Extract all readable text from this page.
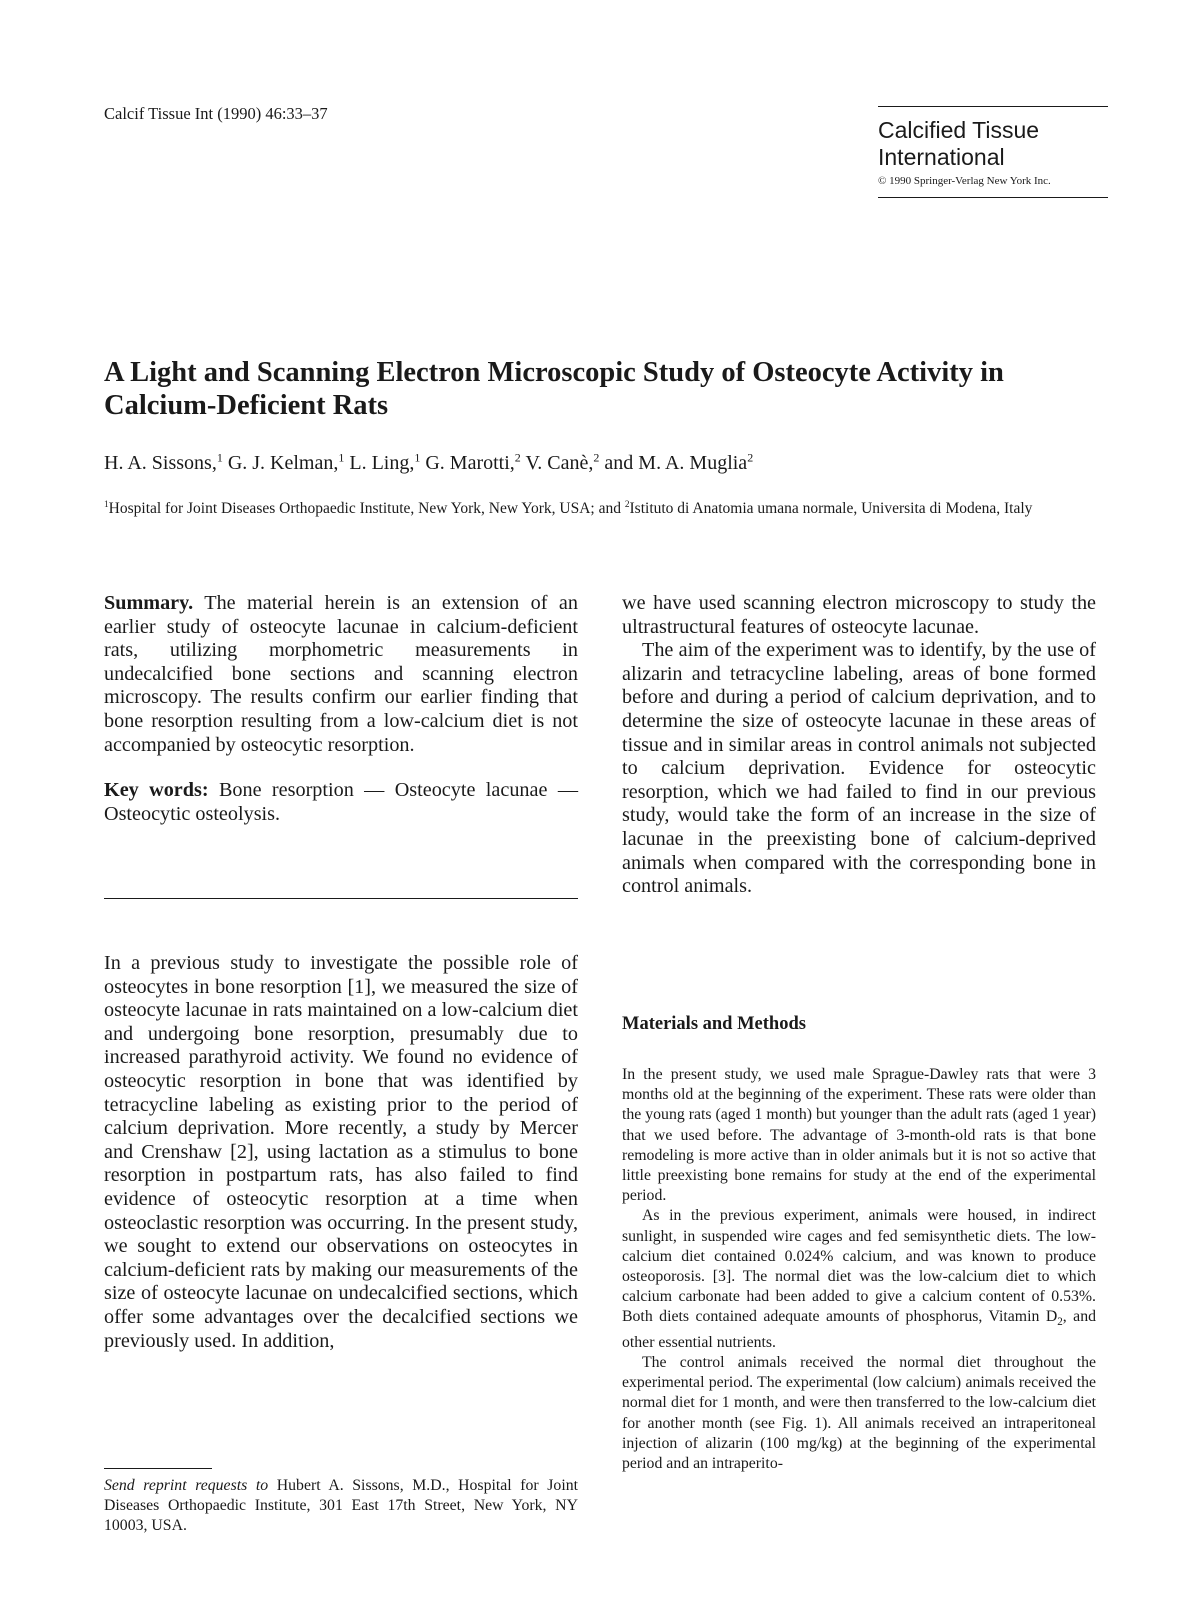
Calcif Tissue Int (1990) 46:33–37
Calcified Tissue
International
© 1990 Springer-Verlag New York Inc.
A Light and Scanning Electron Microscopic Study of Osteocyte Activity in Calcium-Deficient Rats
H. A. Sissons,$^1$ G. J. Kelman,$^1$ L. Ling,$^1$ G. Marotti,$^2$ V. Canè,$^2$ and M. A. Muglia$^2$
$^1$Hospital for Joint Diseases Orthopaedic Institute, New York, New York, USA; and $^2$Istituto di Anatomia umana normale, Universita di Modena, Italy

Summary. The material herein is an extension of an earlier study of osteocyte lacunae in calcium-deficient rats, utilizing morphometric measurements in undecalcified bone sections and scanning electron microscopy. The results confirm our earlier finding that bone resorption resulting from a low-calcium diet is not accompanied by osteocytic resorption.

Key words: Bone resorption — Osteocyte lacunae — Osteocytic osteolysis.

In a previous study to investigate the possible role of osteocytes in bone resorption [1], we measured the size of osteocyte lacunae in rats maintained on a low-calcium diet and undergoing bone resorption, presumably due to increased parathyroid activity. We found no evidence of osteocytic resorption in bone that was identified by tetracycline labeling as existing prior to the period of calcium deprivation. More recently, a study by Mercer and Crenshaw [2], using lactation as a stimulus to bone resorption in postpartum rats, has also failed to find evidence of osteocytic resorption at a time when osteoclastic resorption was occurring. In the present study, we sought to extend our observations on osteocytes in calcium-deficient rats by making our measurements of the size of osteocyte lacunae on undecalcified sections, which offer some advantages over the decalcified sections we previously used. In addition,

Send reprint requests to Hubert A. Sissons, M.D., Hospital for Joint Diseases Orthopaedic Institute, 301 East 17th Street, New York, NY 10003, USA.

we have used scanning electron microscopy to study the ultrastructural features of osteocyte lacunae.

The aim of the experiment was to identify, by the use of alizarin and tetracycline labeling, areas of bone formed before and during a period of calcium deprivation, and to determine the size of osteocyte lacunae in these areas of tissue and in similar areas in control animals not subjected to calcium deprivation. Evidence for osteocytic resorption, which we had failed to find in our previous study, would take the form of an increase in the size of lacunae in the preexisting bone of calcium-deprived animals when compared with the corresponding bone in control animals.

Materials and Methods

In the present study, we used male Sprague-Dawley rats that were 3 months old at the beginning of the experiment. These rats were older than the young rats (aged 1 month) but younger than the adult rats (aged 1 year) that we used before. The advantage of 3-month-old rats is that bone remodeling is more active than in older animals but it is not so active that little preexisting bone remains for study at the end of the experimental period.

As in the previous experiment, animals were housed, in indirect sunlight, in suspended wire cages and fed semisynthetic diets. The low-calcium diet contained 0.024% calcium, and was known to produce osteoporosis. [3]. The normal diet was the low-calcium diet to which calcium carbonate had been added to give a calcium content of 0.53%. Both diets contained adequate amounts of phosphorus, Vitamin $D_2$, and other essential nutrients.

The control animals received the normal diet throughout the experimental period. The experimental (low calcium) animals received the normal diet for 1 month, and were then transferred to the low-calcium diet for another month (see Fig. 1). All animals received an intraperitoneal injection of alizarin (100 mg/kg) at the beginning of the experimental period and an intraperito-
